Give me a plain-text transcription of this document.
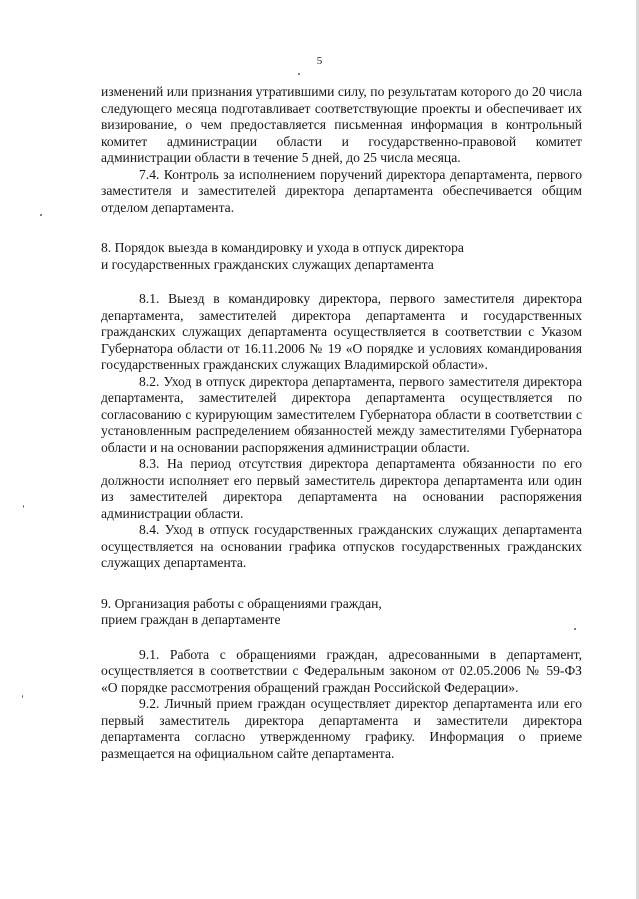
5

изменений или признания утратившими силу, по результатам которого до 20 числа следующего месяца подготавливает соответствующие проекты и обеспечивает их визирование, о чем предоставляется письменная информация в контрольный комитет администрации области и государственно-правовой комитет администрации области в течение 5 дней, до 25 числа месяца.

7.4. Контроль за исполнением поручений директора департамента, первого заместителя и заместителей директора департамента обеспечивается общим отделом департамента.

8. Порядок выезда в командировку и ухода в отпуск директора

и государственных гражданских служащих департамента

8.1. Выезд в командировку директора, первого заместителя директора департамента, заместителей директора департамента и государственных гражданских служащих департамента осуществляется в соответствии с Указом Губернатора области от 16.11.2006 № 19 «О порядке и условиях командирования государственных гражданских служащих Владимирской области».

8.2. Уход в отпуск директора департамента, первого заместителя директора департамента, заместителей директора департамента осуществляется по согласованию с курирующим заместителем Губернатора области в соответствии с установленным распределением обязанностей между заместителями Губернатора области и на основании распоряжения администрации области.

8.3. На период отсутствия директора департамента обязанности по его должности исполняет его первый заместитель директора департамента или один из заместителей директора департамента на основании распоряжения администрации области.

8.4. Уход в отпуск государственных гражданских служащих департамента осуществляется на основании графика отпусков государственных гражданских служащих департамента.

9. Организация работы с обращениями граждан,

прием граждан в департаменте

9.1. Работа с обращениями граждан, адресованными в департамент, осуществляется в соответствии с Федеральным законом от 02.05.2006 № 59-ФЗ «О порядке рассмотрения обращений граждан Российской Федерации».

9.2. Личный прием граждан осуществляет директор департамента или его первый заместитель директора департамента и заместители директора департамента согласно утвержденному графику. Информация о приеме размещается на официальном сайте департамента.
